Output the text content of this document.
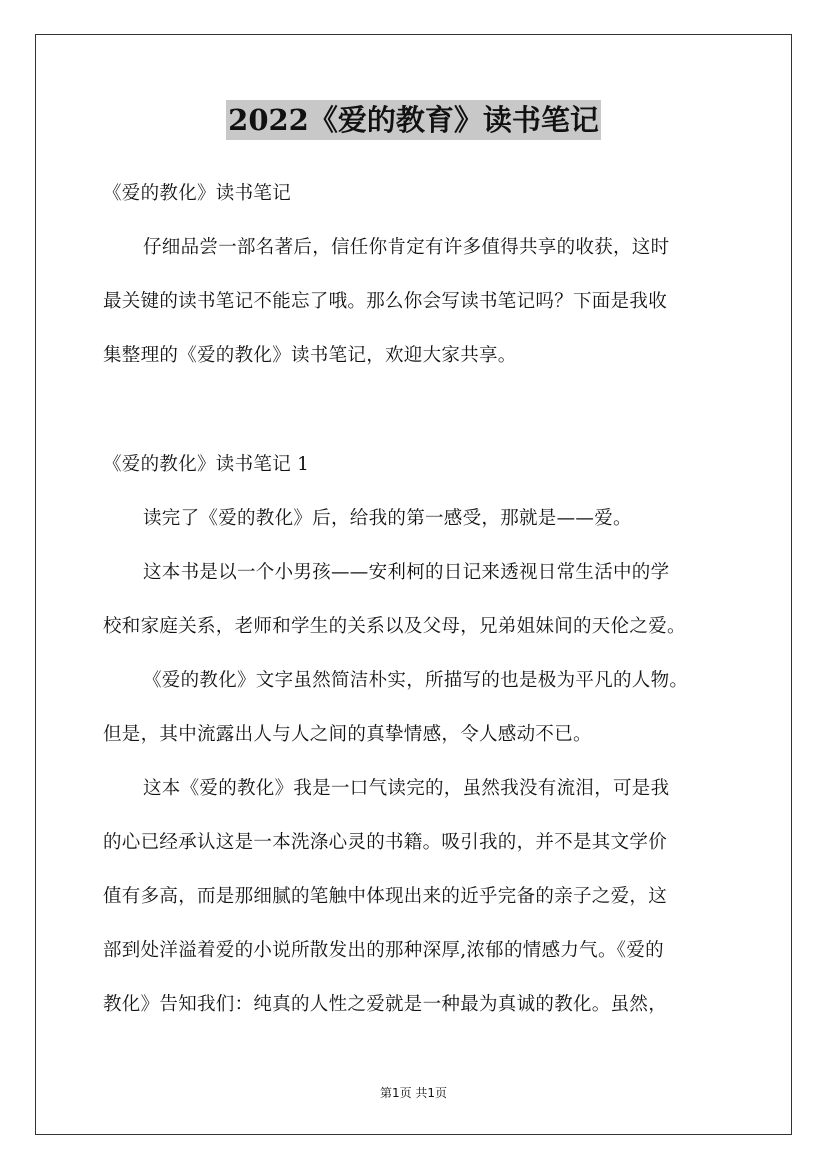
2022《爱的教育》读书笔记
《爱的教化》读书笔记
仔细品尝一部名著后，信任你肯定有许多值得共享的收获，这时
最关键的读书笔记不能忘了哦。那么你会写读书笔记吗？下面是我收
集整理的《爱的教化》读书笔记，欢迎大家共享。
《爱的教化》读书笔记 1
读完了《爱的教化》后，给我的第一感受，那就是——爱。
这本书是以一个小男孩——安利柯的日记来透视日常生活中的学
校和家庭关系，老师和学生的关系以及父母，兄弟姐妹间的天伦之爱。
《爱的教化》文字虽然简洁朴实，所描写的也是极为平凡的人物。
但是，其中流露出人与人之间的真挚情感，令人感动不已。
这本《爱的教化》我是一口气读完的，虽然我没有流泪，可是我
的心已经承认这是一本洗涤心灵的书籍。吸引我的，并不是其文学价
值有多高，而是那细腻的笔触中体现出来的近乎完备的亲子之爱，这
部到处洋溢着爱的小说所散发出的那种深厚,浓郁的情感力气。《爱的
教化》告知我们：纯真的人性之爱就是一种最为真诚的教化。虽然，
第1页 共1页
